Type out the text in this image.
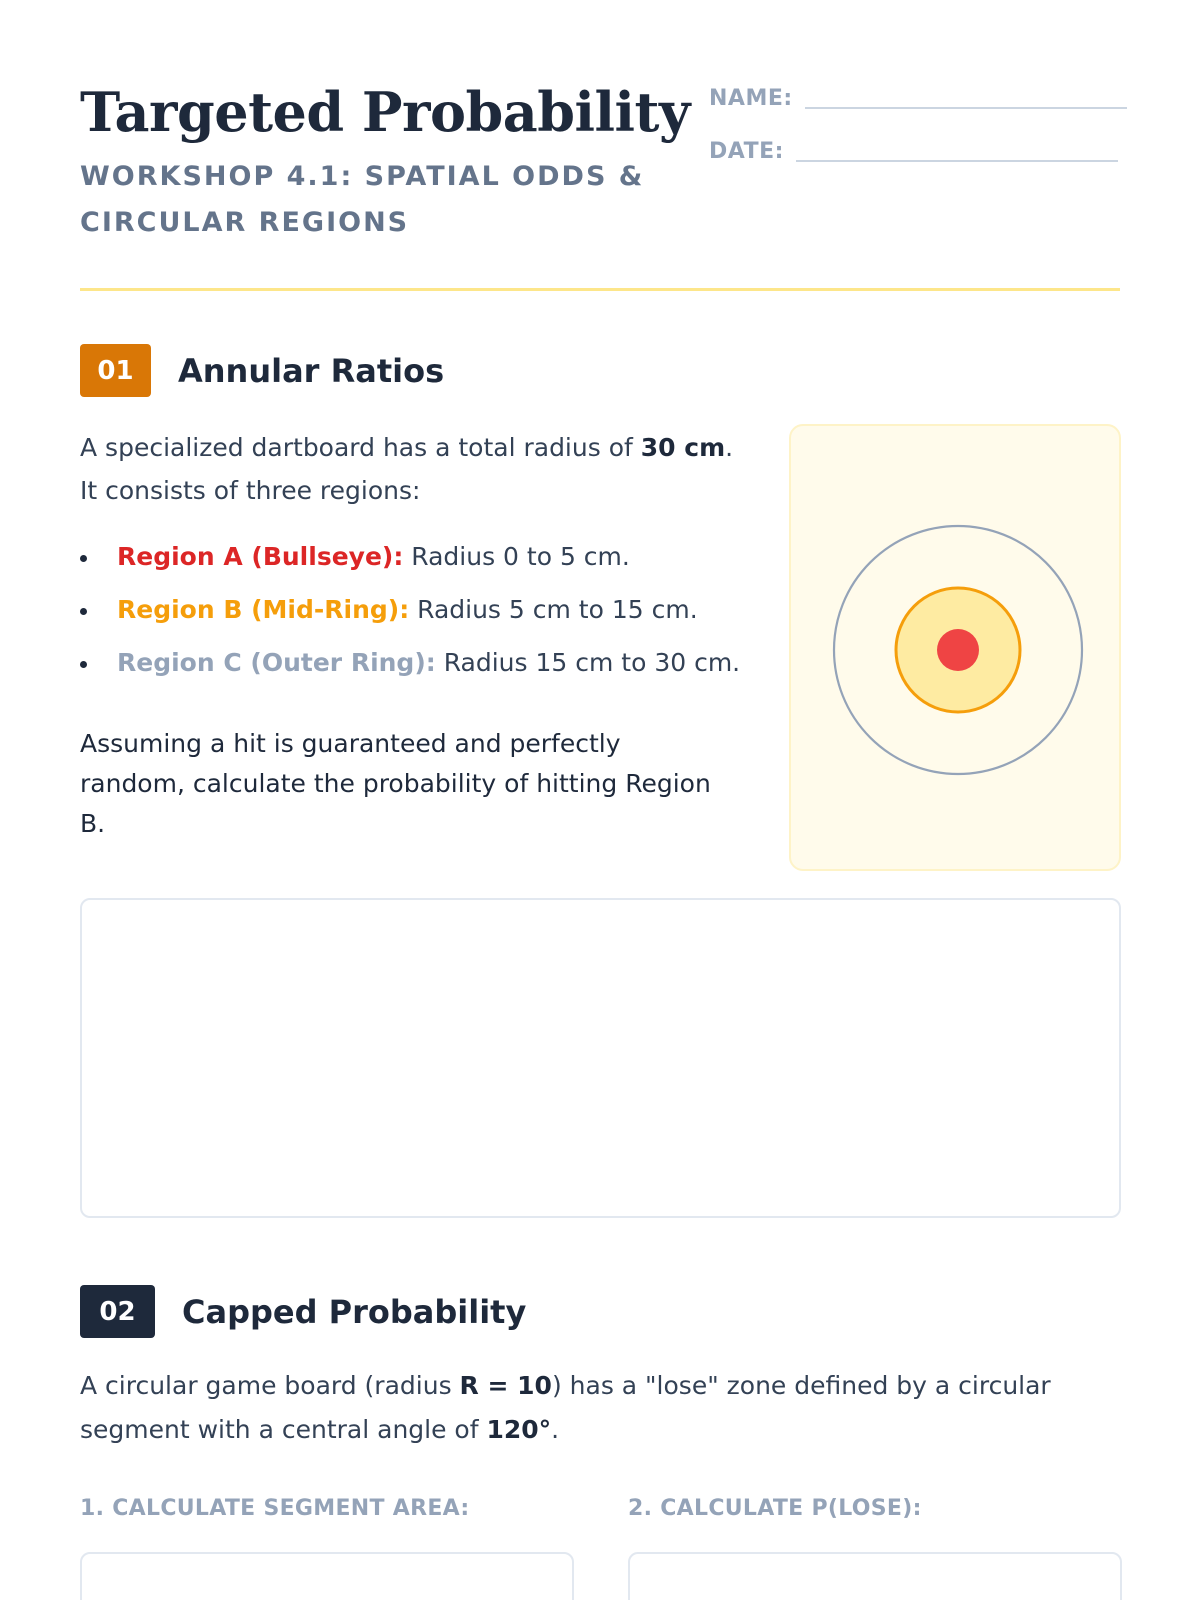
Targeted Probability
WORKSHOP 4.1: SPATIAL ODDS & CIRCULAR REGIONS
NAME:
DATE:
01	Annular Ratios

A specialized dartboard has a total radius of 30 cm. It consists of three regions:

Region A (Bullseye): Radius 0 to 5 cm.
Region B (Mid-Ring): Radius 5 cm to 15 cm.
Region C (Outer Ring): Radius 15 cm to 30 cm.

Assuming a hit is guaranteed and perfectly random, calculate the probability of hitting Region B.

02	Capped Probability

A circular game board (radius R = 10) has a "lose" zone defined by a circular segment with a central angle of 120°.

1. CALCULATE SEGMENT AREA:	2. CALCULATE P(LOSE):
